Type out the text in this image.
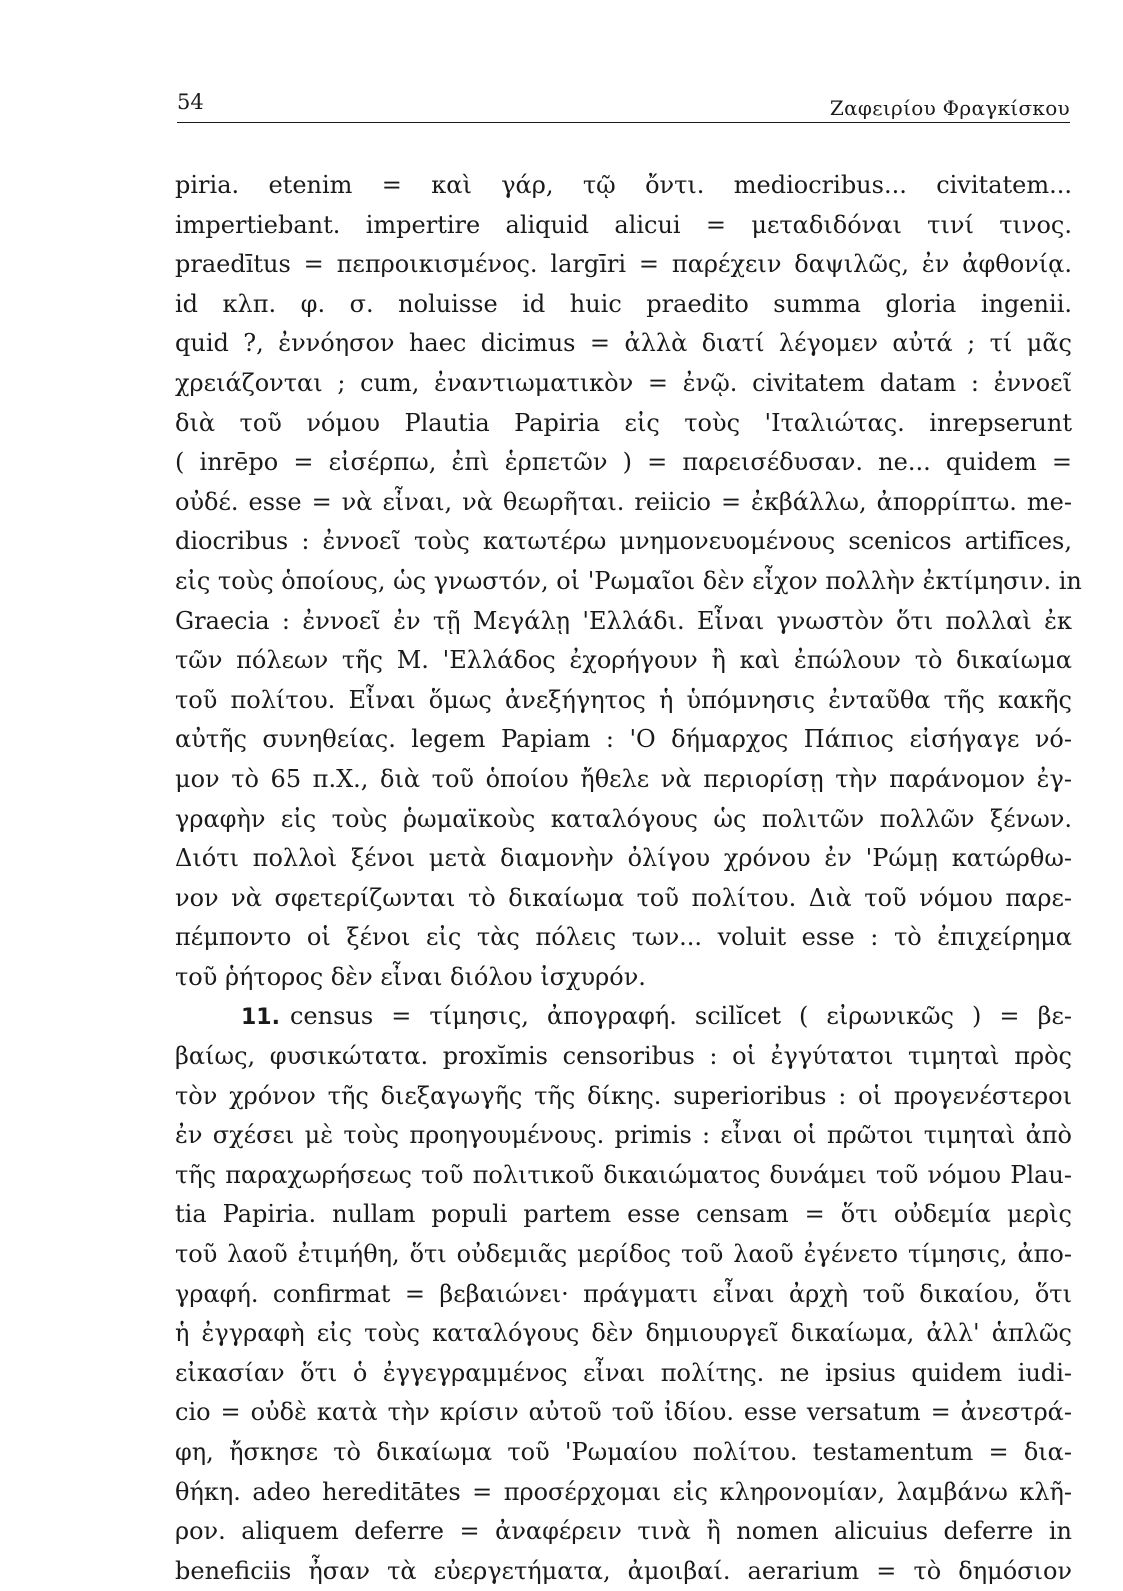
54	Ζαφειρίου Φραγκίσκου
piria. etenim = καὶ γάρ, τῷ ὄντι. mediocribus... civitatem...
impertiebant. impertire aliquid alicui = μεταδιδόναι τινί τινος.
praedītus = πεπροικισμένος. largīri = παρέχειν δαψιλῶς, ἐν ἀφθονίᾳ.
id κλπ. φ. σ. noluisse id huic praedito summa gloria ingenii.
quid ?, ἐννόησον haec dicimus = ἀλλὰ διατί λέγομεν αὐτά ; τί μᾶς
χρειάζονται ; cum, ἐναντιωματικὸν = ἐνῷ. civitatem datam : ἐννοεῖ
διὰ τοῦ νόμου Plautia Papiria εἰς τοὺς 'Ιταλιώτας. inrepserunt
( inrēpo = εἰσέρπω, ἐπὶ ἑρπετῶν ) = παρεισέδυσαν. ne... quidem =
οὐδέ. esse = νὰ εἶναι, νὰ θεωρῆται. reiicio = ἐκβάλλω, ἀπορρίπτω. me-
diocribus : ἐννοεῖ τοὺς κατωτέρω μνημονευομένους scenicos artifīces,
εἰς τοὺς ὁποίους, ὡς γνωστόν, οἱ 'Ρωμαῖοι δὲν εἶχον πολλὴν ἐκτίμησιν. in
Graecia : ἐννοεῖ ἐν τῇ Μεγάλῃ 'Ελλάδι. Εἶναι γνωστὸν ὅτι πολλαὶ ἐκ
τῶν πόλεων τῆς Μ. 'Ελλάδος ἐχορήγουν ἢ καὶ ἐπώλουν τὸ δικαίωμα
τοῦ πολίτου. Εἶναι ὅμως ἀνεξήγητος ἡ ὑπόμνησις ἐνταῦθα τῆς κακῆς
αὐτῆς συνηθείας. legem Papiam : 'Ο δήμαρχος Πάπιος εἰσήγαγε νό-
μον τὸ 65 π.Χ., διὰ τοῦ ὁποίου ἤθελε νὰ περιορίσῃ τὴν παράνομον ἐγ-
γραφὴν εἰς τοὺς ῥωμαϊκοὺς καταλόγους ὡς πολιτῶν πολλῶν ξένων.
Διότι πολλοὶ ξένοι μετὰ διαμονὴν ὀλίγου χρόνου ἐν 'Ρώμῃ κατώρθω-
νον νὰ σφετερίζωνται τὸ δικαίωμα τοῦ πολίτου. Διὰ τοῦ νόμου παρε-
πέμποντο οἱ ξένοι εἰς τὰς πόλεις των... voluit esse : τὸ ἐπιχείρημα
τοῦ ῥήτορος δὲν εἶναι διόλου ἰσχυρόν.
11. census = τίμησις, ἀπογραφή. scilĭcet ( εἰρωνικῶς ) = βε-
βαίως, φυσικώτατα. proxĭmis censoribus : οἱ ἐγγύτατοι τιμηταὶ πρὸς
τὸν χρόνον τῆς διεξαγωγῆς τῆς δίκης. superioribus : οἱ προγενέστεροι
ἐν σχέσει μὲ τοὺς προηγουμένους. primis : εἶναι οἱ πρῶτοι τιμηταὶ ἀπὸ
τῆς παραχωρήσεως τοῦ πολιτικοῦ δικαιώματος δυνάμει τοῦ νόμου Plau-
tia Papiria. nullam populi partem esse censam = ὅτι οὐδεμία μερὶς
τοῦ λαοῦ ἐτιμήθη, ὅτι οὐδεμιᾶς μερίδος τοῦ λαοῦ ἐγένετο τίμησις, ἀπο-
γραφή. confirmat = βεβαιώνει· πράγματι εἶναι ἀρχὴ τοῦ δικαίου, ὅτι
ἡ ἐγγραφὴ εἰς τοὺς καταλόγους δὲν δημιουργεῖ δικαίωμα, ἀλλ' ἁπλῶς
εἰκασίαν ὅτι ὁ ἐγγεγραμμένος εἶναι πολίτης. ne ipsius quidem iudi-
cio = οὐδὲ κατὰ τὴν κρίσιν αὐτοῦ τοῦ ἰδίου. esse versatum = ἀνεστρά-
φη, ἤσκησε τὸ δικαίωμα τοῦ 'Ρωμαίου πολίτου. testamentum = δια-
θήκη. adeo hereditātes = προσέρχομαι εἰς κληρονομίαν, λαμβάνω κλῆ-
ρον. aliquem deferre = ἀναφέρειν τινὰ ἢ nomen alicuius deferre in
beneficiis ἦσαν τὰ εὐεργετήματα, ἀμοιβαί. aerarium = τὸ δημόσιον
